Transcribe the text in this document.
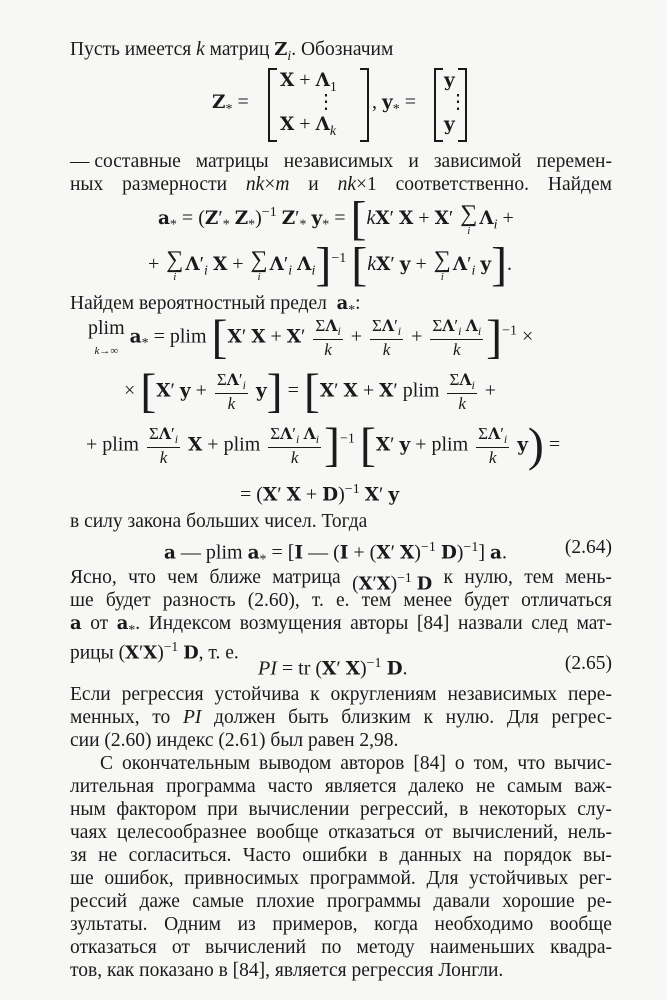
Пусть имеется k матриц $Z_i$. Обозначим
$Z_*$ =
$X + \Lambda_1$
⋮
$X + \Lambda_k$
, $y_*$ =
y
⋮
y
— составные матрицы независимых и зависимой перемен-
ных размерности nk×m и nk×1 соответственно. Найдем
$a_* = (Z'_*$ $Z_*)^{-1}$ $Z'_*$ $y_* = [kX'$ X + X′ ∑
i
$\Lambda_i$ +
+ ∑
i
$\Lambda'_i$ X + ∑
i
$\Lambda'_i$ $\Lambda_i]^{-1}$ [kX′ y + ∑
i
$\Lambda'_i$ y].
Найдем вероятностный предел  $a_*$:
plim
k→∞ $a_* = plim$ [X′ $X + X' \frac{\Sigma\Lambda_i}{k} + \frac{\Sigma\Lambda'_i}{k} + \frac{\Sigma\Lambda'_i \Lambda_i}{k} ]^{-1}$ ×
× [X′ $y + \frac{\Sigma\Lambda'_i}{k} y] = [X'$ X + X′ plim $\frac{\Sigma\Lambda_i}{k}$ +
+ plim $\frac{\Sigma\Lambda'_i}{k}$ X + plim $\frac{\Sigma\Lambda'_i \Lambda_i}{k} ]^{-1}$ [X′ y + plim $\frac{\Sigma\Lambda'_i}{k} y$) =
= (X′ X + D)$^{-1}$ X′ y
в силу закона больших чисел. Тогда
a — plim $a_* = [I$ — (I + (X′ X)$^{-1}$ D)$^{-1}$] a.	(2.64)
Ясно, что чем ближе матрица $(X'X)^{-1}$ D к нулю, тем мень-
ше будет разность (2.60), т. е. тем менее будет отличаться
a от $a_*$. Индексом возмущения авторы [84] назвали след мат-
рицы $(X'X)^{-1}$ D, т. е.
PI = tr (X′ X)$^{-1}$ D.	(2.65)
Если регрессия устойчива к округлениям независимых пере-
менных, то PI должен быть близким к нулю. Для регрес-
сии (2.60) индекс (2.61) был равен 2,98.
С окончательным выводом авторов [84] о том, что вычис-
лительная программа часто является далеко не самым важ-
ным фактором при вычислении регрессий, в некоторых слу-
чаях целесообразнее вообще отказаться от вычислений, нель-
зя не согласиться. Часто ошибки в данных на порядок вы-
ше ошибок, привносимых программой. Для устойчивых рег-
рессий даже самые плохие программы давали хорошие ре-
зультаты. Одним из примеров, когда необходимо вообще
отказаться от вычислений по методу наименьших квадра-
тов, как показано в [84], является регрессия Лонгли.
